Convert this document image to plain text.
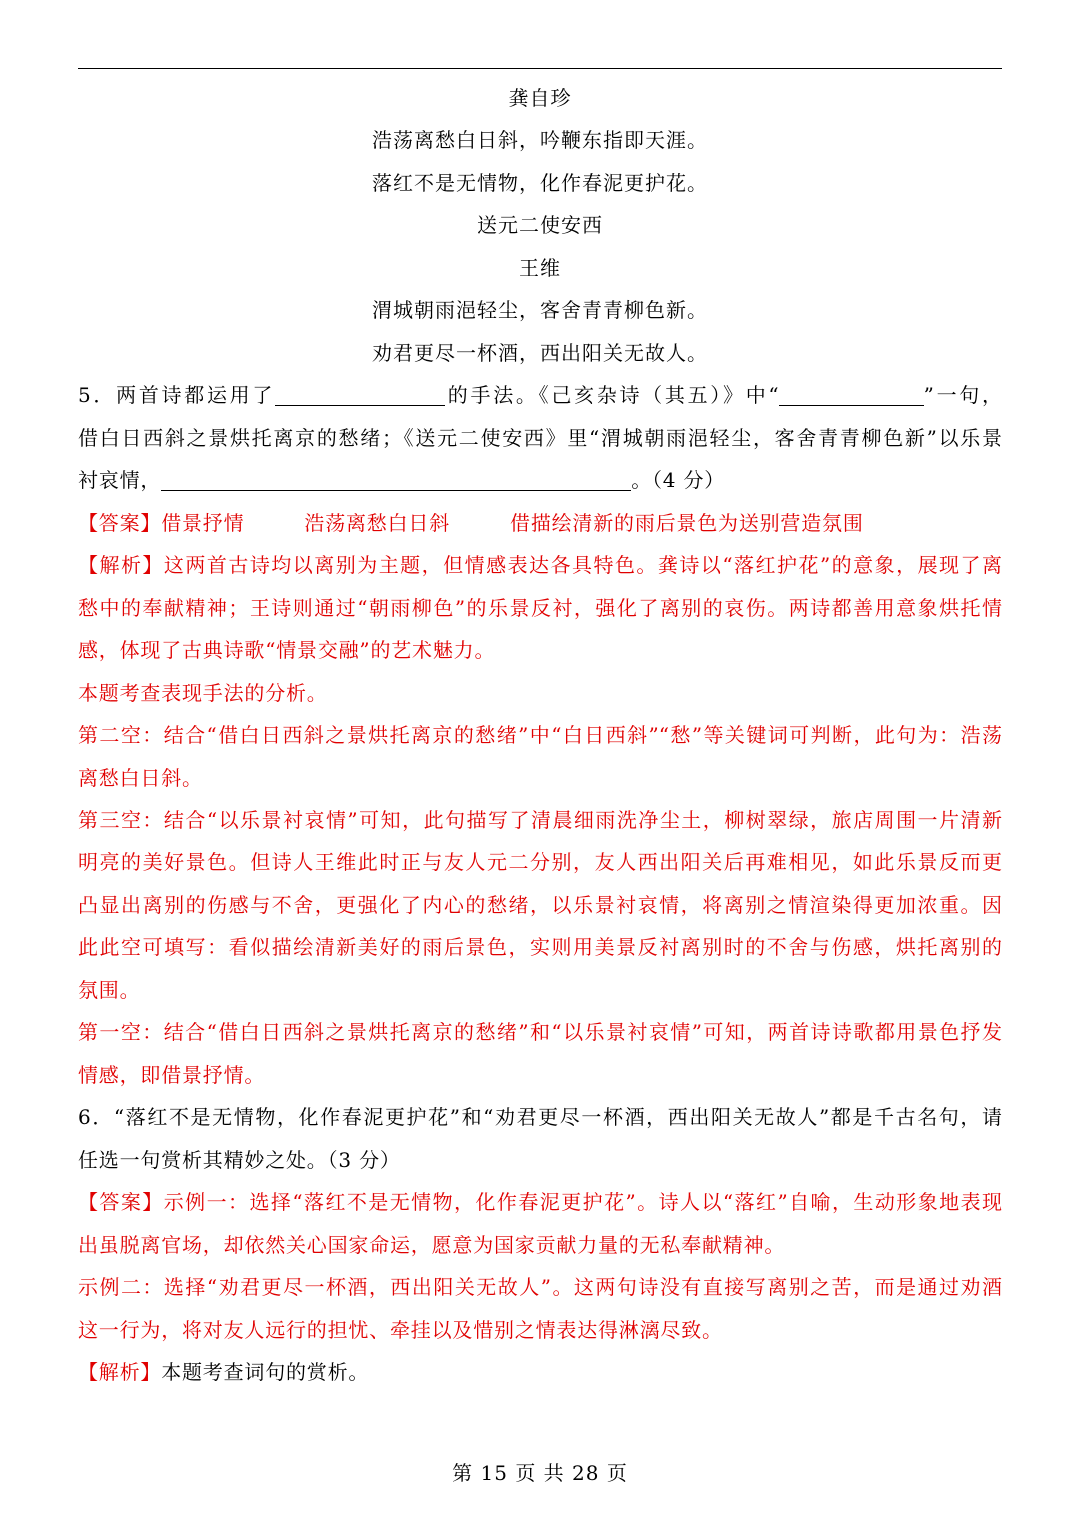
龚自珍
浩荡离愁白日斜，吟鞭东指即天涯。
落红不是无情物，化作春泥更护花。
送元二使安西
王维
渭城朝雨浥轻尘，客舍青青柳色新。
劝君更尽一杯酒，西出阳关无故人。
5．两首诗都运用了	的手法。《己亥杂诗（其五）》中“	”一句，
借白日西斜之景烘托离京的愁绪；《送元二使安西》里“渭城朝雨浥轻尘，客舍青青柳色新”以乐景
衬哀情，	。（4 分）
【答案】借景抒情	浩荡离愁白日斜	借描绘清新的雨后景色为送别营造氛围
【解析】这两首古诗均以离别为主题，但情感表达各具特色。龚诗以“落红护花”的意象，展现了离
愁中的奉献精神；王诗则通过“朝雨柳色”的乐景反衬，强化了离别的哀伤。两诗都善用意象烘托情
感，体现了古典诗歌“情景交融”的艺术魅力。
本题考查表现手法的分析。
第二空：结合“借白日西斜之景烘托离京的愁绪”中“白日西斜”“愁”等关键词可判断，此句为：浩荡
离愁白日斜。
第三空：结合“以乐景衬哀情”可知，此句描写了清晨细雨洗净尘土，柳树翠绿，旅店周围一片清新
明亮的美好景色。但诗人王维此时正与友人元二分别，友人西出阳关后再难相见，如此乐景反而更
凸显出离别的伤感与不舍，更强化了内心的愁绪，以乐景衬哀情，将离别之情渲染得更加浓重。因
此此空可填写：看似描绘清新美好的雨后景色，实则用美景反衬离别时的不舍与伤感，烘托离别的
氛围。
第一空：结合“借白日西斜之景烘托离京的愁绪”和“以乐景衬哀情”可知，两首诗诗歌都用景色抒发
情感，即借景抒情。
6．“落红不是无情物，化作春泥更护花”和“劝君更尽一杯酒，西出阳关无故人”都是千古名句，请
任选一句赏析其精妙之处。（3 分）
【答案】示例一：选择“落红不是无情物，化作春泥更护花”。诗人以“落红”自喻，生动形象地表现
出虽脱离官场，却依然关心国家命运，愿意为国家贡献力量的无私奉献精神。
示例二：选择“劝君更尽一杯酒，西出阳关无故人”。这两句诗没有直接写离别之苦，而是通过劝酒
这一行为，将对友人远行的担忧、牵挂以及惜别之情表达得淋漓尽致。
【解析】本题考查词句的赏析。
第 15 页 共 28 页
